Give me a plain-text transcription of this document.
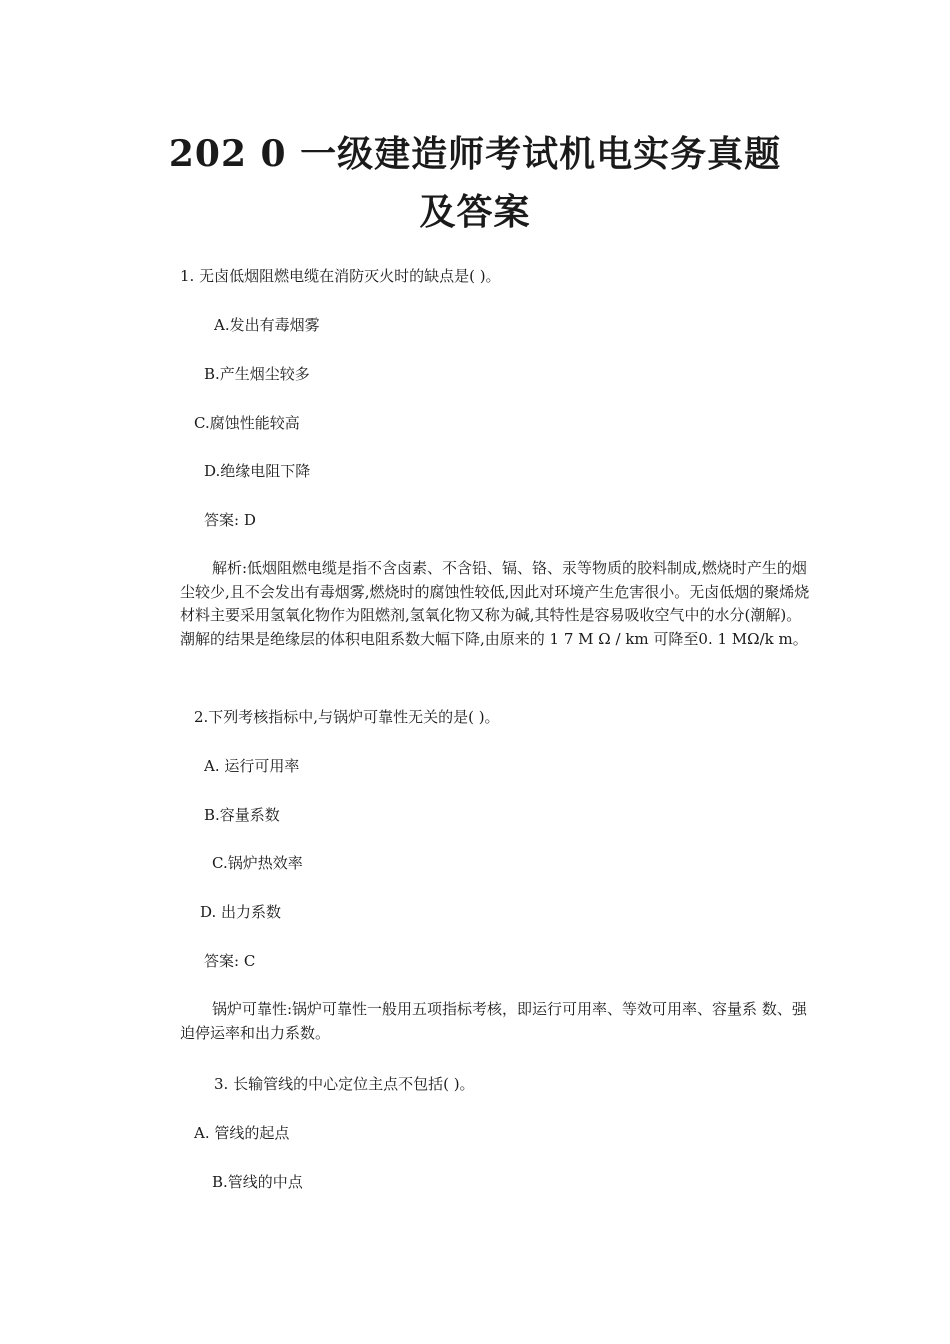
202 0 一级建造师考试机电实务真题
及答案
1. 无卤低烟阻燃电缆在消防灭火时的缺点是( )。
A.发出有毒烟雾
B.产生烟尘较多
C.腐蚀性能较高
D.绝缘电阻下降
答案: D
解析:低烟阻燃电缆是指不含卤素、不含铅、镉、铬、汞等物质的胶料制成,燃烧时产生的烟尘较少,且不会发出有毒烟雾,燃烧时的腐蚀性较低,因此对环境产生危害很小。无卤低烟的聚烯烧材料主要采用氢氧化物作为阻燃剂,氢氧化物又称为碱,其特性是容易吸收空气中的水分(潮解)。潮解的结果是绝缘层的体积电阻系数大幅下降,由原来的 1 7 M Ω / km 可降至0. 1 MΩ/k m。
2.下列考核指标中,与锅炉可靠性无关的是( )。
A. 运行可用率
B.容量系数
C.锅炉热效率
D. 出力系数
答案: C
锅炉可靠性:锅炉可靠性一般用五项指标考核，即运行可用率、等效可用率、容量系 数、强迫停运率和出力系数。
3. 长输管线的中心定位主点不包括( )。
A. 管线的起点
B.管线的中点
